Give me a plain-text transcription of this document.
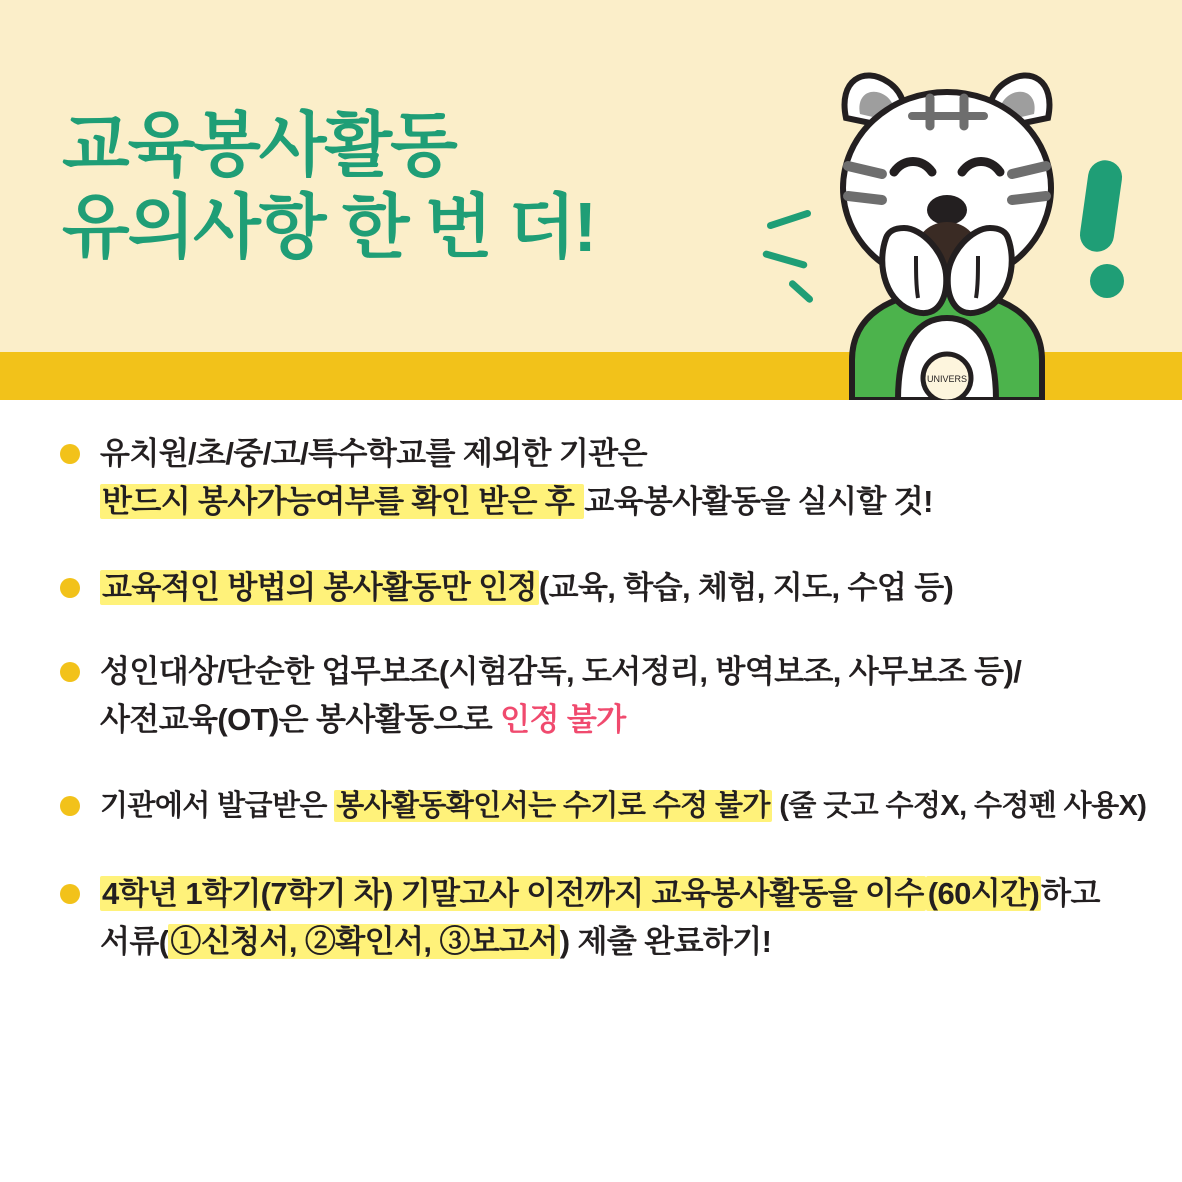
교육봉사활동
유의사항 한 번 더!
UNIVERS
유치원/초/중/고/특수학교를 제외한 기관은
반드시 봉사가능여부를 확인 받은 후 교육봉사활동을 실시할 것!
교육적인 방법의 봉사활동만 인정(교육, 학습, 체험, 지도, 수업 등)
성인대상/단순한 업무보조(시험감독, 도서정리, 방역보조, 사무보조 등)/
사전교육(OT)은 봉사활동으로 인정 불가
기관에서 발급받은 봉사활동확인서는 수기로 수정 불가 (줄 긋고 수정X, 수정펜 사용X)
4학년 1학기(7학기 차) 기말고사 이전까지 교육봉사활동을 이수 (60시간)하고
서류(①신청서, ②확인서, ③보고서) 제출 완료하기!
